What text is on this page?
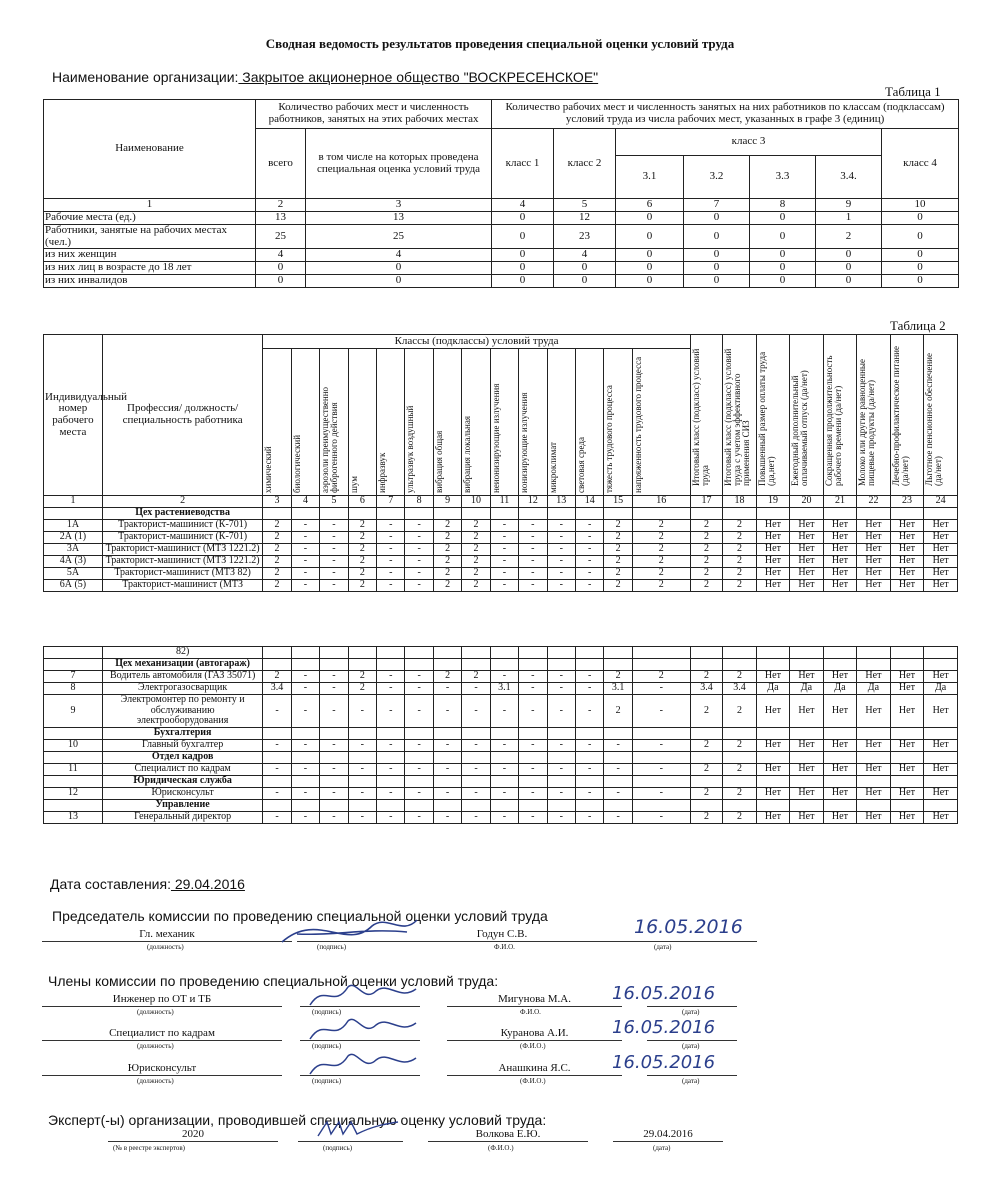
Сводная ведомость результатов проведения специальной оценки условий труда
Наименование организации: Закрытое акционерное общество "ВОСКРЕСЕНСКОЕ"
Таблица 1
Наименование	Количество рабочих мест и численность работников, занятых на этих рабочих местах		Количество рабочих мест и численность занятых на них работников по классам (подклассам) условий труда из числа рабочих мест, указанных в графе 3 (единиц)						
	всего	в том числе на которых проведена специальная оценка условий труда	класс 1	класс 2	класс 3				класс 4
					3.1	3.2	3.3	3.4.	
1	2	3	4	5	6	7	8	9	10
Рабочие места (ед.)	13	13	0	12	0	0	0	1	0
Работники, занятые на рабочих местах (чел.)	25	25	0	23	0	0	0	2	0
из них женщин	4	4	0	4	0	0	0	0	0
из них лиц в возрасте до 18 лет	0	0	0	0	0	0	0	0	0
из них инвалидов	0	0	0	0	0	0	0	0	0
Таблица 2
Индивидуальный номер рабочего места	Профессия/ должность/ специальность работника	Классы (подклассы) условий труда														Итоговый класс (подкласс) условий труда	Итоговый класс (подкласс) условий труда с учетом эффективного применения СИЗ	Повышенный размер оплаты труда (да,нет)	Ежегодный дополнительный оплачиваемый отпуск (да/нет)	Сокращенная продолжительность рабочего времени (да/нет)	Молоко или другие равноценные пищевые продукты (да/нет)	Лечебно-профилактическое питание (да/нет)	Льготное пенсионное обеспечение (да/нет)

		химический	биологический	аэрозоли преимущественно фиброгенного действия	шум	инфразвук	ультразвук воздушный	вибрация общая	вибрация локальная	неионизирующие излучения	ионизирующие излучения	микроклимат	световая среда	тяжесть трудового процесса	напряженность трудового процесса								

1	2	3	4	5	6	7	8	9	10	11	12	13	14	15	16	17	18	19	20	21	22	23	24
	Цех растениеводства																						
1А	Тракторист-машинист (К-701)	2	-	-	2	-	-	2	2	-	-	-	-	2	2	2	2	Нет	Нет	Нет	Нет	Нет	Нет
2А (1)	Тракторист-машинист (К-701)	2	-	-	2	-	-	2	2	-	-	-	-	2	2	2	2	Нет	Нет	Нет	Нет	Нет	Нет
3А	Тракторист-машинист (МТЗ 1221.2)	2	-	-	2	-	-	2	2	-	-	-	-	2	2	2	2	Нет	Нет	Нет	Нет	Нет	Нет
4А (3)	Тракторист-машинист (МТЗ 1221.2)	2	-	-	2	-	-	2	2	-	-	-	-	2	2	2	2	Нет	Нет	Нет	Нет	Нет	Нет
5А	Тракторист-машинист (МТЗ 82)	2	-	-	2	-	-	2	2	-	-	-	-	2	2	2	2	Нет	Нет	Нет	Нет	Нет	Нет
6А (5)	Тракторист-машинист (МТЗ	2	-	-	2	-	-	2	2	-	-	-	-	2	2	2	2	Нет	Нет	Нет	Нет	Нет	Нет
	82)																						
	Цех механизации (автогараж)																						
7	Водитель автомобиля (ГАЗ 35071)	2	-	-	2	-	-	2	2	-	-	-	-	2	2	2	2	Нет	Нет	Нет	Нет	Нет	Нет
8	Электрогазосварщик	3.4	-	-	2	-	-	-	-	3.1	-	-	-	3.1	-	3.4	3.4	Да	Да	Да	Да	Нет	Да
9	Электромонтер по ремонту и обслуживанию электрооборудования	-	-	-	-	-	-	-	-	-	-	-	-	2	-	2	2	Нет	Нет	Нет	Нет	Нет	Нет
	Бухгалтерия																						
10	Главный бухгалтер	-	-	-	-	-	-	-	-	-	-	-	-	-	-	2	2	Нет	Нет	Нет	Нет	Нет	Нет
	Отдел кадров																						
11	Специалист по кадрам	-	-	-	-	-	-	-	-	-	-	-	-	-	-	2	2	Нет	Нет	Нет	Нет	Нет	Нет
	Юридическая служба																						
12	Юрисконсульт	-	-	-	-	-	-	-	-	-	-	-	-	-	-	2	2	Нет	Нет	Нет	Нет	Нет	Нет
	Управление																						
13	Генеральный директор	-	-	-	-	-	-	-	-	-	-	-	-	-	-	2	2	Нет	Нет	Нет	Нет	Нет	Нет
Дата составления: 29.04.2016
Председатель комиссии по проведению специальной оценки условий труда
Гл. механик	Годун С.В.
(должность)	(подпись)	Ф.И.О.	(дата)
16.05.2016
Члены комиссии по проведению специальной оценки условий труда:
Инженер по ОТ и ТБ	Мигунова М.А.
(должность)	(подпись)	Ф.И.О.	(дата)
16.05.2016
Специалист по кадрам	Куранова А.И.
(должность)	(подпись)	(Ф.И.О.)	(дата)
16.05.2016
Юрисконсульт	Анашкина Я.С.
(должность)	(подпись)	(Ф.И.О.)	(дата)
16.05.2016
Эксперт(-ы) организации, проводившей специальную оценку условий труда:
2020	Волкова Е.Ю.	29.04.2016
(№ в реестре экспертов)	(подпись)	(Ф.И.О.)	(дата)
